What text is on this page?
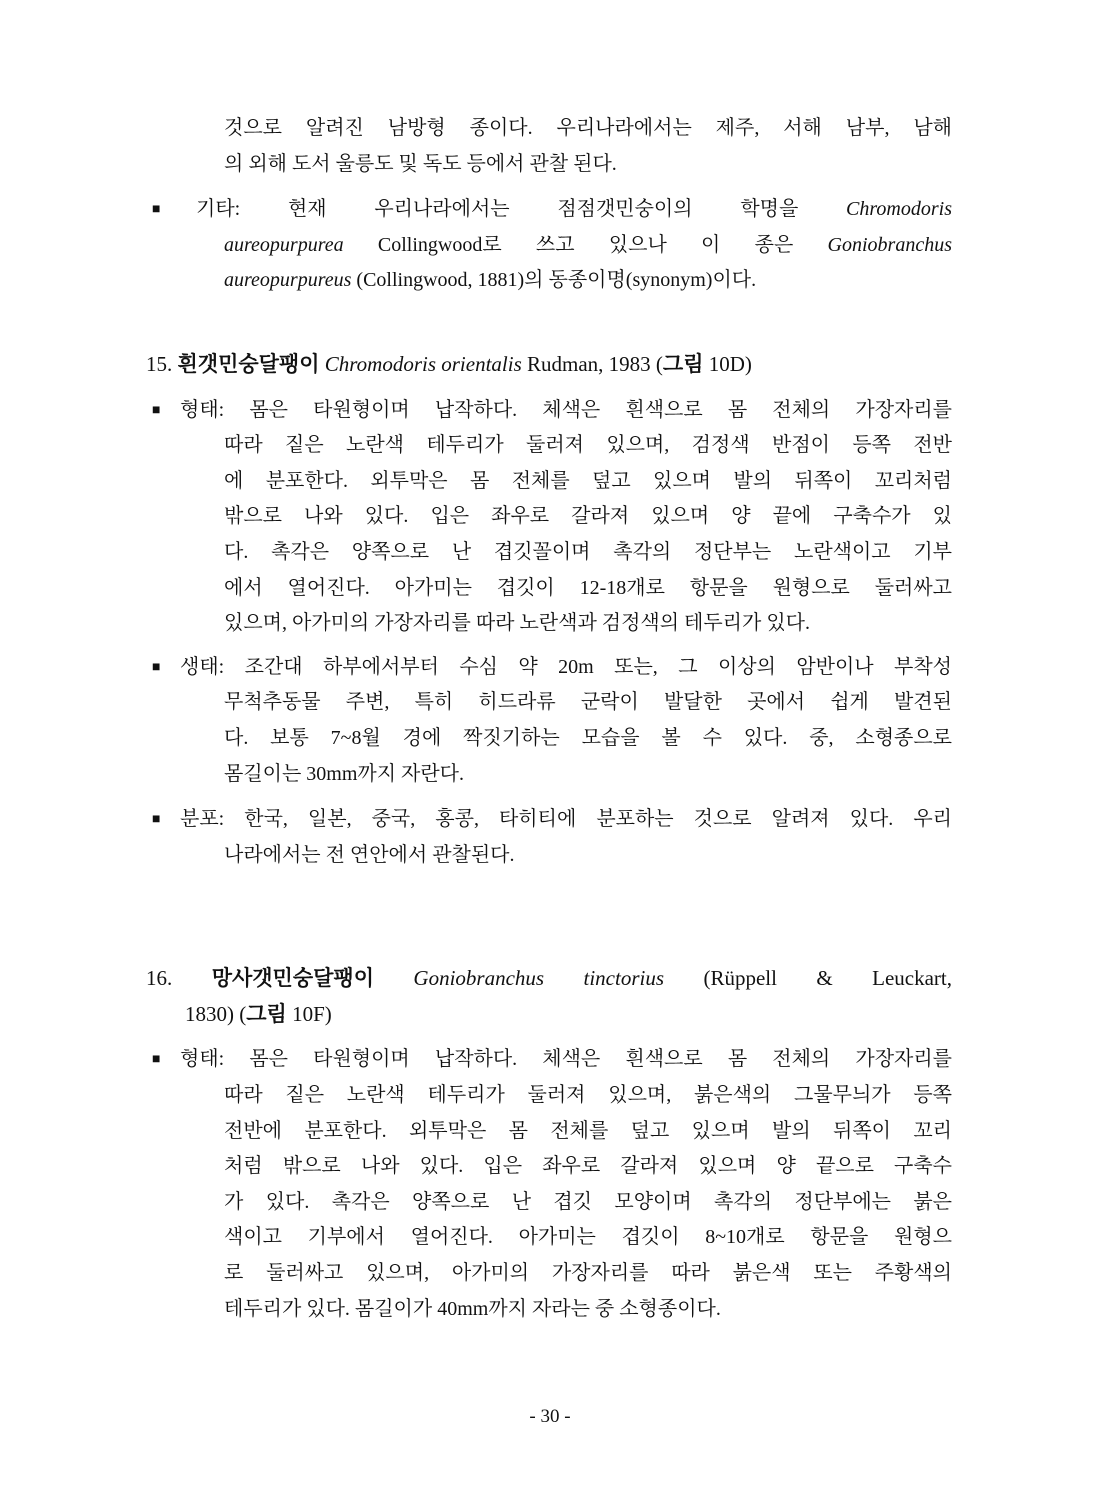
것으로 알려진 남방형 종이다. 우리나라에서는 제주, 서해 남부, 남해
의 외해 도서 울릉도 및 독도 등에서 관찰 된다.
■ 기타: 현재 우리나라에서는 점점갯민숭이의 학명을 Chromodoris
aureopurpurea Collingwood로 쓰고 있으나 이 종은 Goniobranchus
aureopurpureus (Collingwood, 1881)의 동종이명(synonym)이다.
15. 흰갯민숭달팽이 Chromodoris orientalis Rudman, 1983 (그림 10D)
■ 형태: 몸은 타원형이며 납작하다. 체색은 흰색으로 몸 전체의 가장자리를
따라 짙은 노란색 테두리가 둘러져 있으며, 검정색 반점이 등쪽 전반
에 분포한다. 외투막은 몸 전체를 덮고 있으며 발의 뒤쪽이 꼬리처럼
밖으로 나와 있다. 입은 좌우로 갈라져 있으며 양 끝에 구축수가 있
다. 촉각은 양쪽으로 난 겹깃꼴이며 촉각의 정단부는 노란색이고 기부
에서 열어진다. 아가미는 겹깃이 12-18개로 항문을 원형으로 둘러싸고
있으며, 아가미의 가장자리를 따라 노란색과 검정색의 테두리가 있다.
■ 생태: 조간대 하부에서부터 수심 약 20m 또는, 그 이상의 암반이나 부착성
무척추동물 주변, 특히 히드라류 군락이 발달한 곳에서 쉽게 발견된
다. 보통 7~8월 경에 짝짓기하는 모습을 볼 수 있다. 중, 소형종으로
몸길이는 30mm까지 자란다.
■ 분포: 한국, 일본, 중국, 홍콩, 타히티에 분포하는 것으로 알려져 있다. 우리
나라에서는 전 연안에서 관찰된다.
16. 망사갯민숭달팽이 Goniobranchus tinctorius (Rüppell & Leuckart,
1830) (그림 10F)
■ 형태: 몸은 타원형이며 납작하다. 체색은 흰색으로 몸 전체의 가장자리를
따라 짙은 노란색 테두리가 둘러져 있으며, 붉은색의 그물무늬가 등쪽
전반에 분포한다. 외투막은 몸 전체를 덮고 있으며 발의 뒤쪽이 꼬리
처럼 밖으로 나와 있다. 입은 좌우로 갈라져 있으며 양 끝으로 구축수
가 있다. 촉각은 양쪽으로 난 겹깃 모양이며 촉각의 정단부에는 붉은
색이고 기부에서 열어진다. 아가미는 겹깃이 8~10개로 항문을 원형으
로 둘러싸고 있으며, 아가미의 가장자리를 따라 붉은색 또는 주황색의
테두리가 있다. 몸길이가 40mm까지 자라는 중 소형종이다.
- 30 -
